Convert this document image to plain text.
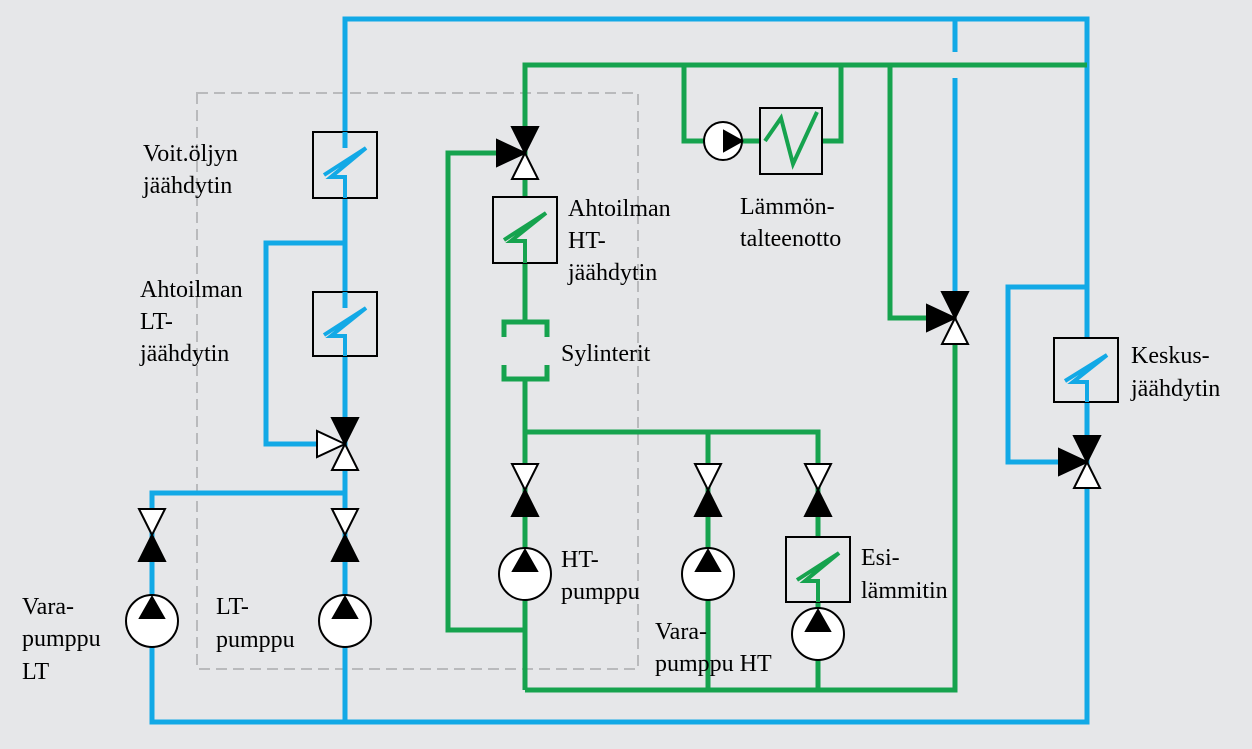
Voit.öljyn jäähdytin
Ahtoilman LT- jäähdytin
Ahtoilman HT- jäähdytin
Lämmön- talteenotto
Sylinterit	Keskus- jäähdytin
HT- pumppu
Esi- lämmitin
Vara- pumppu HT
LT- pumppu
Vara- pumppu LT
